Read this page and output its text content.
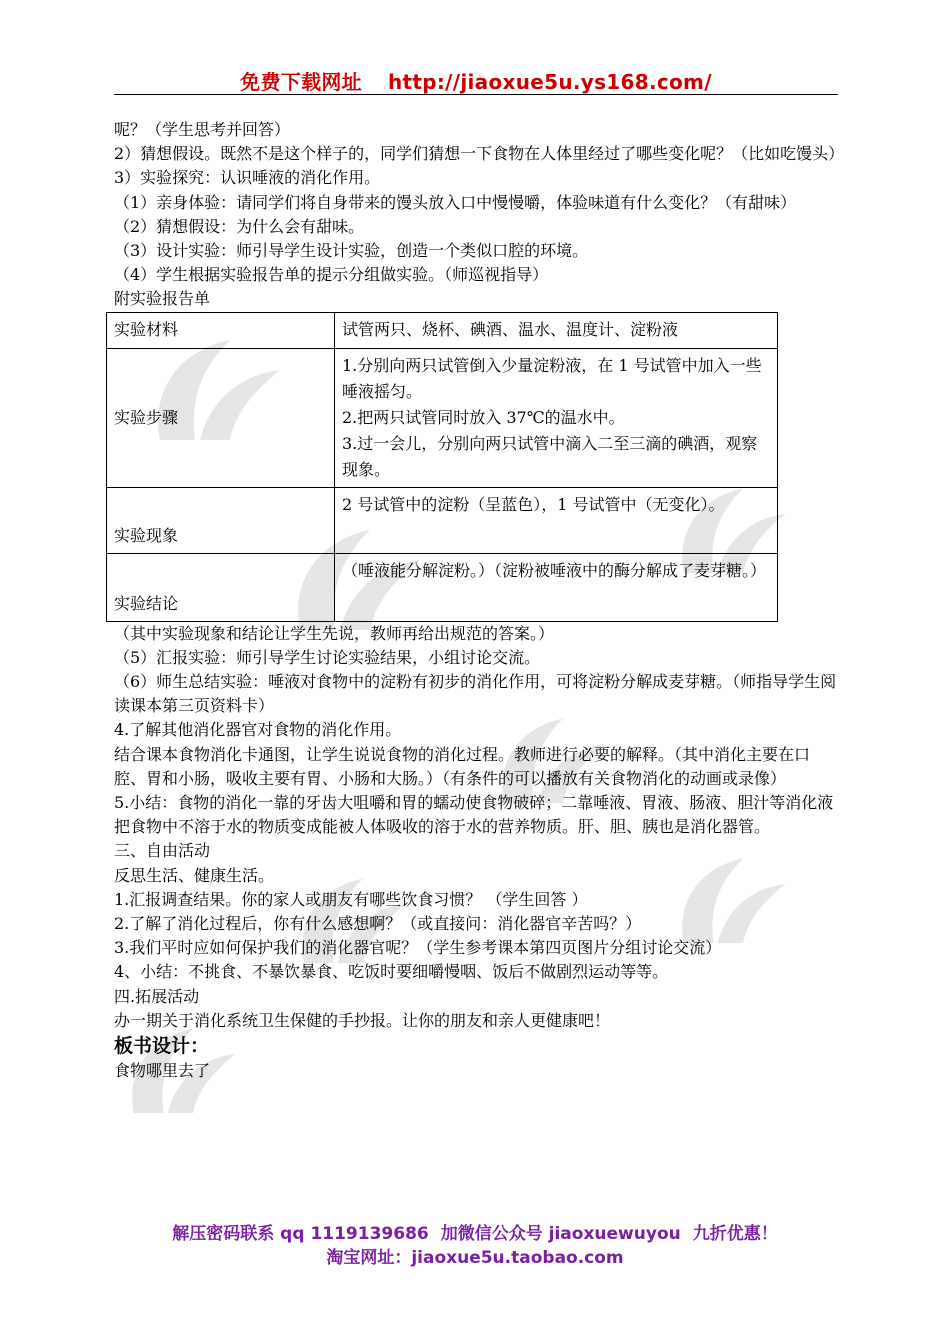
免费下载网址 http://jiaoxue5u.ys168.com/

呢？（学生思考并回答）

2）猜想假设。既然不是这个样子的，同学们猜想一下食物在人体里经过了哪些变化呢？（比如吃馒头）

3）实验探究：认识唾液的消化作用。

（1）亲身体验：请同学们将自身带来的馒头放入口中慢慢嚼，体验味道有什么变化？（有甜味）

（2）猜想假设：为什么会有甜味。

（3）设计实验：师引导学生设计实验，创造一个类似口腔的环境。

（4）学生根据实验报告单的提示分组做实验。（师巡视指导）

附实验报告单

实验材料	试管两只、烧杯、碘酒、温水、温度计、淀粉液

实验步骤	1.分别向两只试管倒入少量淀粉液，在 1 号试管中加入一些唾液摇匀。
2.把两只试管同时放入 37℃的温水中。
3.过一会儿，分别向两只试管中滴入二至三滴的碘酒，观察现象。

实验现象	2 号试管中的淀粉（呈蓝色），1 号试管中（无变化）。

实验结论	（唾液能分解淀粉。）（淀粉被唾液中的酶分解成了麦芽糖。）

（其中实验现象和结论让学生先说，教师再给出规范的答案。）

（5）汇报实验：师引导学生讨论实验结果，小组讨论交流。

（6）师生总结实验：唾液对食物中的淀粉有初步的消化作用，可将淀粉分解成麦芽糖。（师指导学生阅读课本第三页资料卡）

4.了解其他消化器官对食物的消化作用。

结合课本食物消化卡通图，让学生说说食物的消化过程。教师进行必要的解释。（其中消化主要在口腔、胃和小肠，吸收主要有胃、小肠和大肠。）（有条件的可以播放有关食物消化的动画或录像）

5.小结：食物的消化一靠的牙齿大咀嚼和胃的蠕动使食物破碎；二靠唾液、胃液、肠液、胆汁等消化液把食物中不溶于水的物质变成能被人体吸收的溶于水的营养物质。肝、胆、胰也是消化器管。

三、自由活动

反思生活、健康生活。

1.汇报调查结果。你的家人或朋友有哪些饮食习惯？ （学生回答 ）

2.了解了消化过程后，你有什么感想啊？（或直接问：消化器官辛苦吗？）

3.我们平时应如何保护我们的消化器官呢？（学生参考课本第四页图片分组讨论交流）

4、小结：不挑食、不暴饮暴食、吃饭时要细嚼慢咽、饭后不做剧烈运动等等。

四.拓展活动

办一期关于消化系统卫生保健的手抄报。让你的朋友和亲人更健康吧！

板书设计：

食物哪里去了

解压密码联系 qq 1119139686 加微信公众号 jiaoxuewuyou 九折优惠！
淘宝网址：jiaoxue5u.taobao.com
